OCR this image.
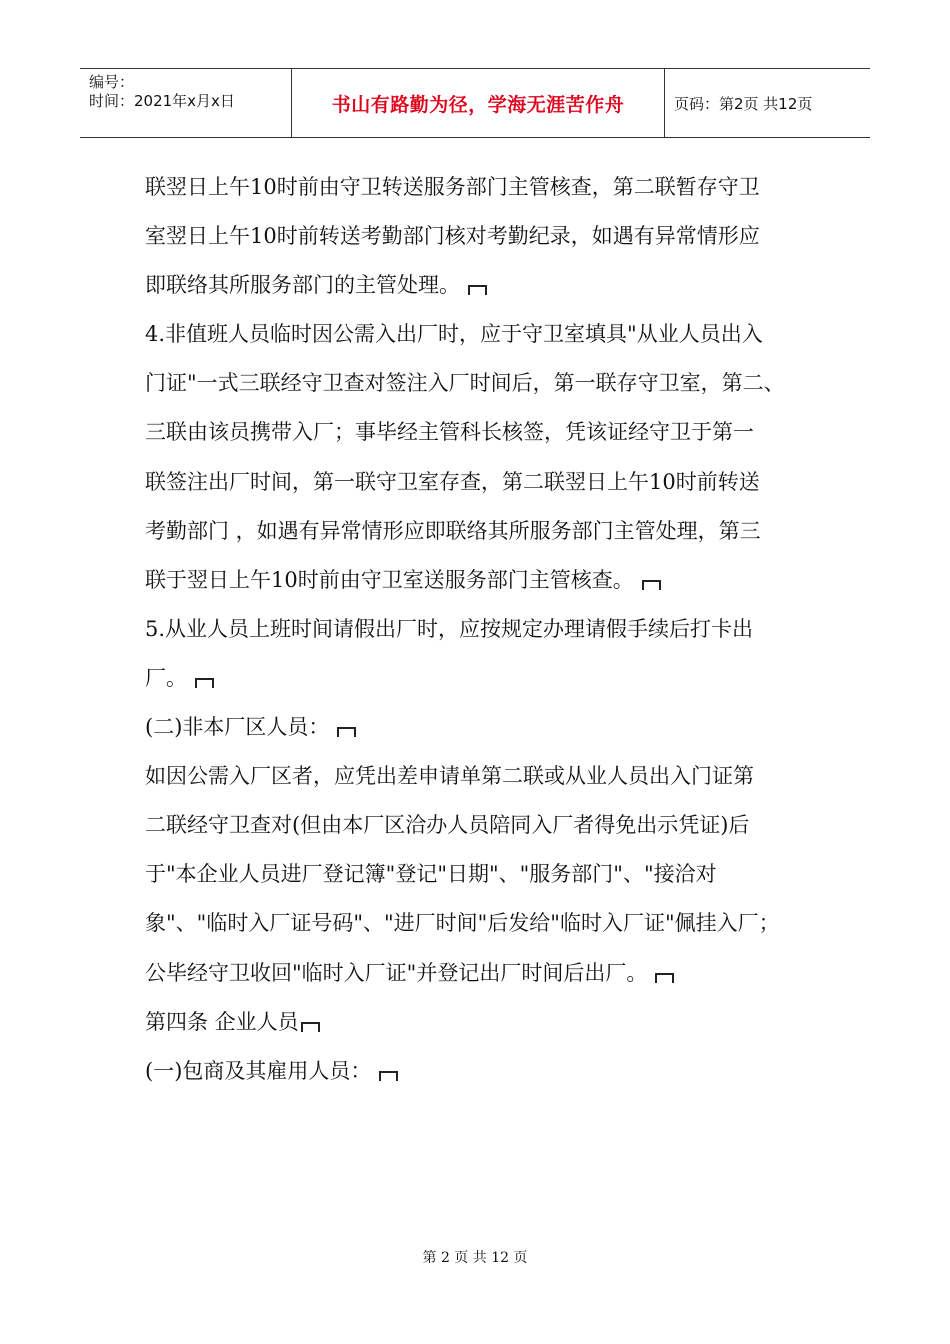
编号：
时间：2021年x月x日	书山有路勤为径，学海无涯苦作舟	页码：第2页 共12页
联翌日上午10时前由守卫转送服务部门主管核查，第二联暂存守卫
室翌日上午10时前转送考勤部门核对考勤纪录，如遇有异常情形应
即联络其所服务部门的主管处理。
4.非值班人员临时因公需入出厂时，应于守卫室填具"从业人员出入
门证"一式三联经守卫查对签注入厂时间后，第一联存守卫室，第二、
三联由该员携带入厂；事毕经主管科长核签，凭该证经守卫于第一
联签注出厂时间，第一联守卫室存查，第二联翌日上午10时前转送
考勤部门 ，如遇有异常情形应即联络其所服务部门主管处理，第三
联于翌日上午10时前由守卫室送服务部门主管核查。
5.从业人员上班时间请假出厂时，应按规定办理请假手续后打卡出
厂。
(二)非本厂区人员：
如因公需入厂区者，应凭出差申请单第二联或从业人员出入门证第
二联经守卫查对(但由本厂区洽办人员陪同入厂者得免出示凭证)后
于"本企业人员进厂登记簿"登记"日期"、"服务部门"、"接洽对
象"、"临时入厂证号码"、"进厂时间"后发给"临时入厂证"佩挂入厂；
公毕经守卫收回"临时入厂证"并登记出厂时间后出厂。
第四条 企业人员
(一)包商及其雇用人员：
第 2 页 共 12 页
